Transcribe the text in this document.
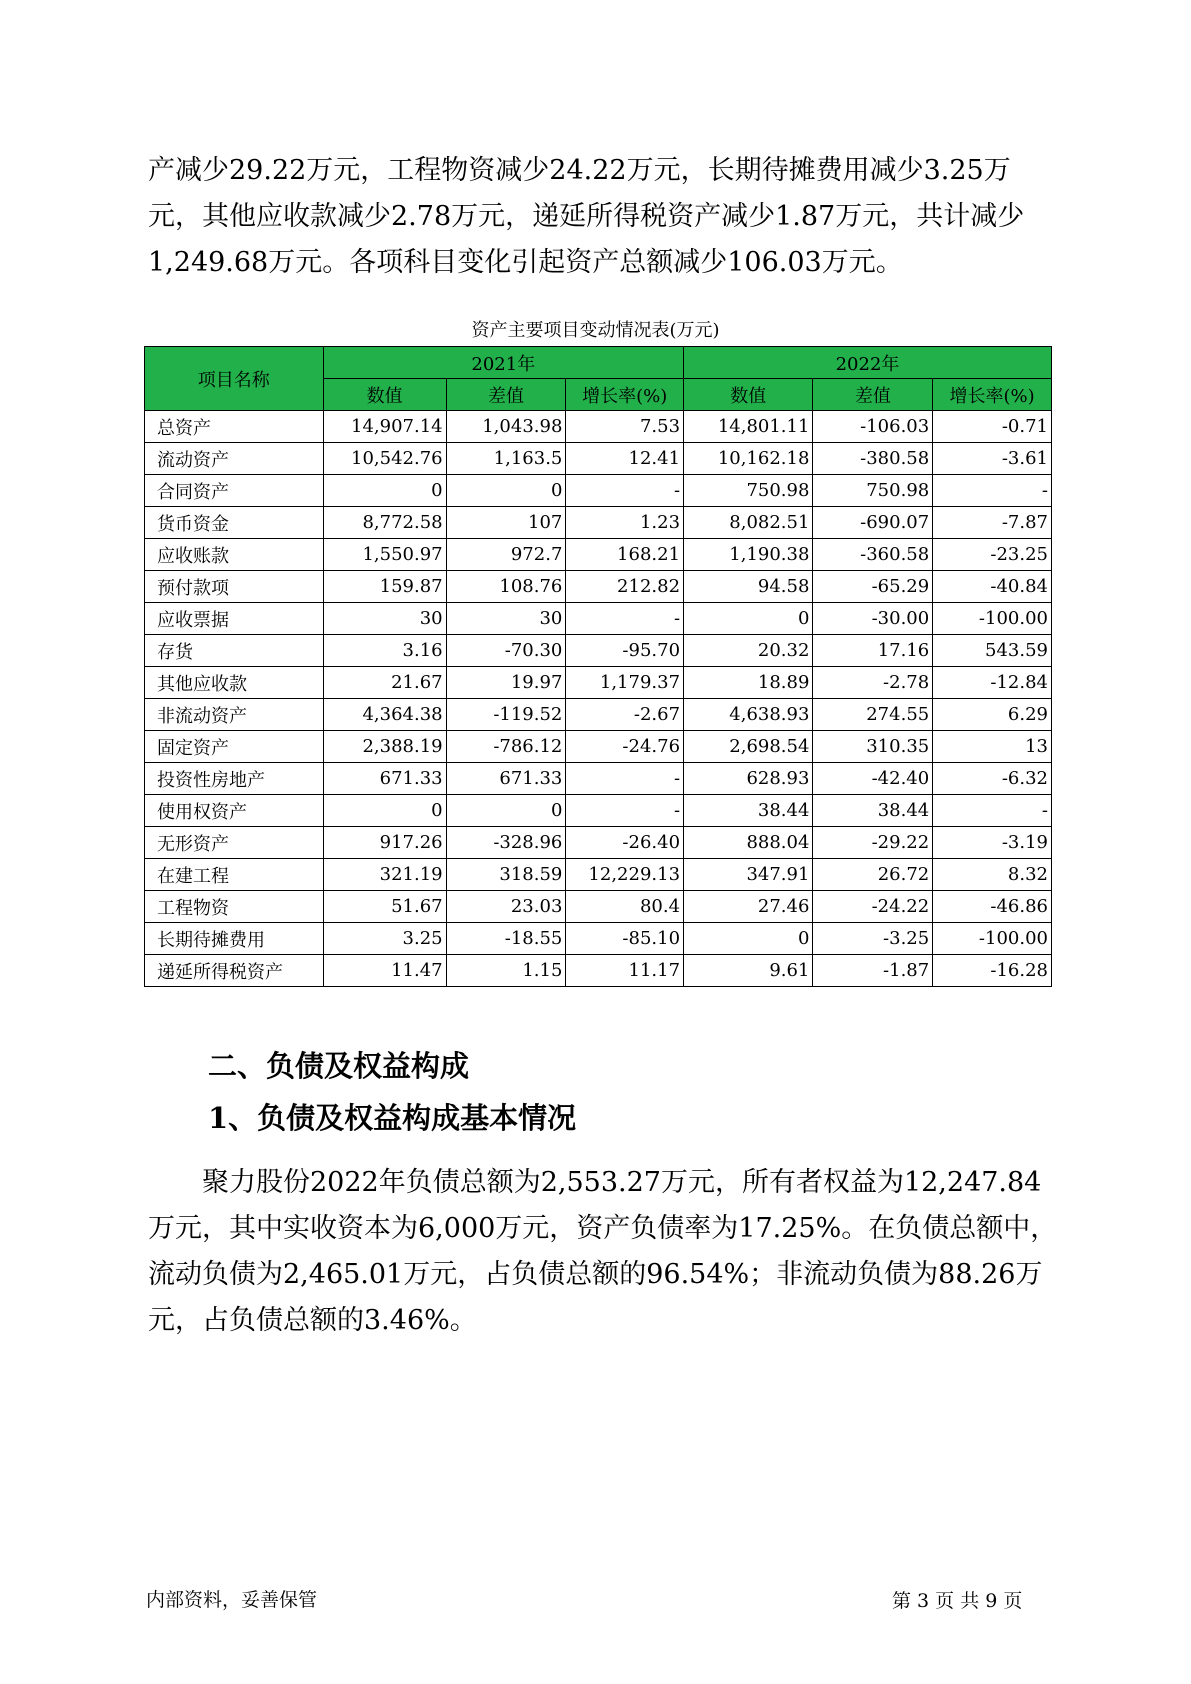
产减少29.22万元，工程物资减少24.22万元，长期待摊费用减少3.25万元，其他应收款减少2.78万元，递延所得税资产减少1.87万元，共计减少1,249.68万元。各项科目变化引起资产总额减少106.03万元。

资产主要项目变动情况表(万元)
项目名称	2021年			2022年		
	数值	差值	增长率(%)	数值	差值	增长率(%)
总资产	14,907.14	1,043.98	7.53	14,801.11	-106.03	-0.71
流动资产	10,542.76	1,163.5	12.41	10,162.18	-380.58	-3.61
合同资产	0	0	-	750.98	750.98	-
货币资金	8,772.58	107	1.23	8,082.51	-690.07	-7.87
应收账款	1,550.97	972.7	168.21	1,190.38	-360.58	-23.25
预付款项	159.87	108.76	212.82	94.58	-65.29	-40.84
应收票据	30	30	-	0	-30.00	-100.00
存货	3.16	-70.30	-95.70	20.32	17.16	543.59
其他应收款	21.67	19.97	1,179.37	18.89	-2.78	-12.84
非流动资产	4,364.38	-119.52	-2.67	4,638.93	274.55	6.29
固定资产	2,388.19	-786.12	-24.76	2,698.54	310.35	13
投资性房地产	671.33	671.33	-	628.93	-42.40	-6.32
使用权资产	0	0	-	38.44	38.44	-
无形资产	917.26	-328.96	-26.40	888.04	-29.22	-3.19
在建工程	321.19	318.59	12,229.13	347.91	26.72	8.32
工程物资	51.67	23.03	80.4	27.46	-24.22	-46.86
长期待摊费用	3.25	-18.55	-85.10	0	-3.25	-100.00
递延所得税资产	11.47	1.15	11.17	9.61	-1.87	-16.28
二、负债及权益构成
1、负债及权益构成基本情况

聚力股份2022年负债总额为2,553.27万元，所有者权益为12,247.84万元，其中实收资本为6,000万元，资产负债率为17.25%。在负债总额中，流动负债为2,465.01万元，占负债总额的96.54%；非流动负债为88.26万元，占负债总额的3.46%。

内部资料，妥善保管	第 3 页 共 9 页
